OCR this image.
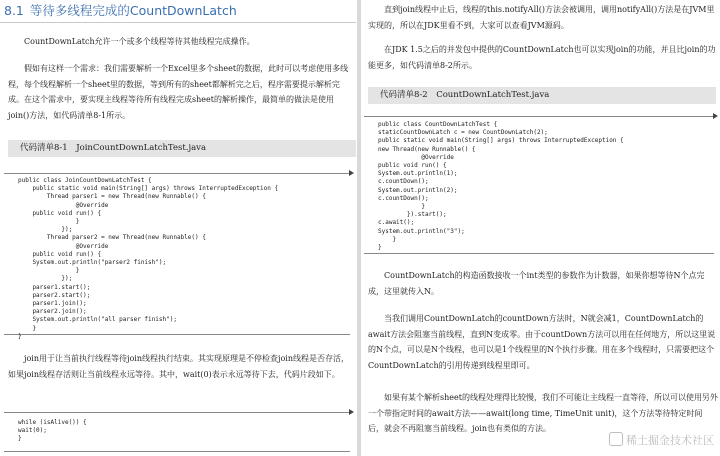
8.1 等待多线程完成的CountDownLatch
CountDownLatch允许一个或多个线程等待其他线程完成操作。
假如有这样一个需求：我们需要解析一个Excel里多个sheet的数据，此时可以考虑使用多线程，每个线程解析一个sheet里的数据，等到所有的sheet都解析完之后，程序需要提示解析完成。在这个需求中，要实现主线程等待所有线程完成sheet的解析操作，最简单的做法是使用join()方法，如代码清单8-1所示。
代码清单8-1　JoinCountDownLatchTest.java
public class JoinCountDownLatchTest {
public static void main(String[] args) throws InterruptedException {
Thread parser1 = new Thread(new Runnable() {
@Override
public void run() {
}
});
Thread parser2 = new Thread(new Runnable() {
@Override
public void run() {
System.out.println("parser2 finish");
}
});
parser1.start();
parser2.start();
parser1.join();
parser2.join();
System.out.println("all parser finish");
}
}
join用于让当前执行线程等待join线程执行结束。其实现原理是不停检查join线程是否存活，如果join线程存活则让当前线程永远等待。其中，wait(0)表示永远等待下去，代码片段如下。
while (isAlive()) {
wait(0);
}
直到join线程中止后，线程的this.notifyAll()方法会被调用，调用notifyAll()方法是在JVM里实现的，所以在JDK里看不到，大家可以查看JVM源码。
在JDK 1.5之后的并发包中提供的CountDownLatch也可以实现join的功能，并且比join的功能更多，如代码清单8-2所示。
代码清单8-2　CountDownLatchTest.java
public class CountDownLatchTest {
staticCountDownLatch c = new CountDownLatch(2);
public static void main(String[] args) throws InterruptedException {
new Thread(new Runnable() {
@Override
public void run() {
System.out.println(1);
c.countDown();
System.out.println(2);
c.countDown();
}
}).start();
c.await();
System.out.println("3");
}
}
CountDownLatch的构造函数接收一个int类型的参数作为计数器，如果你想等待N个点完成，这里就传入N。
当我们调用CountDownLatch的countDown方法时，N就会减1，CountDownLatch的await方法会阻塞当前线程，直到N变成零。由于countDown方法可以用在任何地方，所以这里说的N个点，可以是N个线程，也可以是1个线程里的N个执行步骤。用在多个线程时，只需要把这个CountDownLatch的引用传递到线程里即可。
如果有某个解析sheet的线程处理得比较慢，我们不可能让主线程一直等待，所以可以使用另外一个带指定时间的await方法——await(long time, TimeUnit unit)，这个方法等待特定时间后，就会不再阻塞当前线程。join也有类似的方法。
稀土掘金技术社区
